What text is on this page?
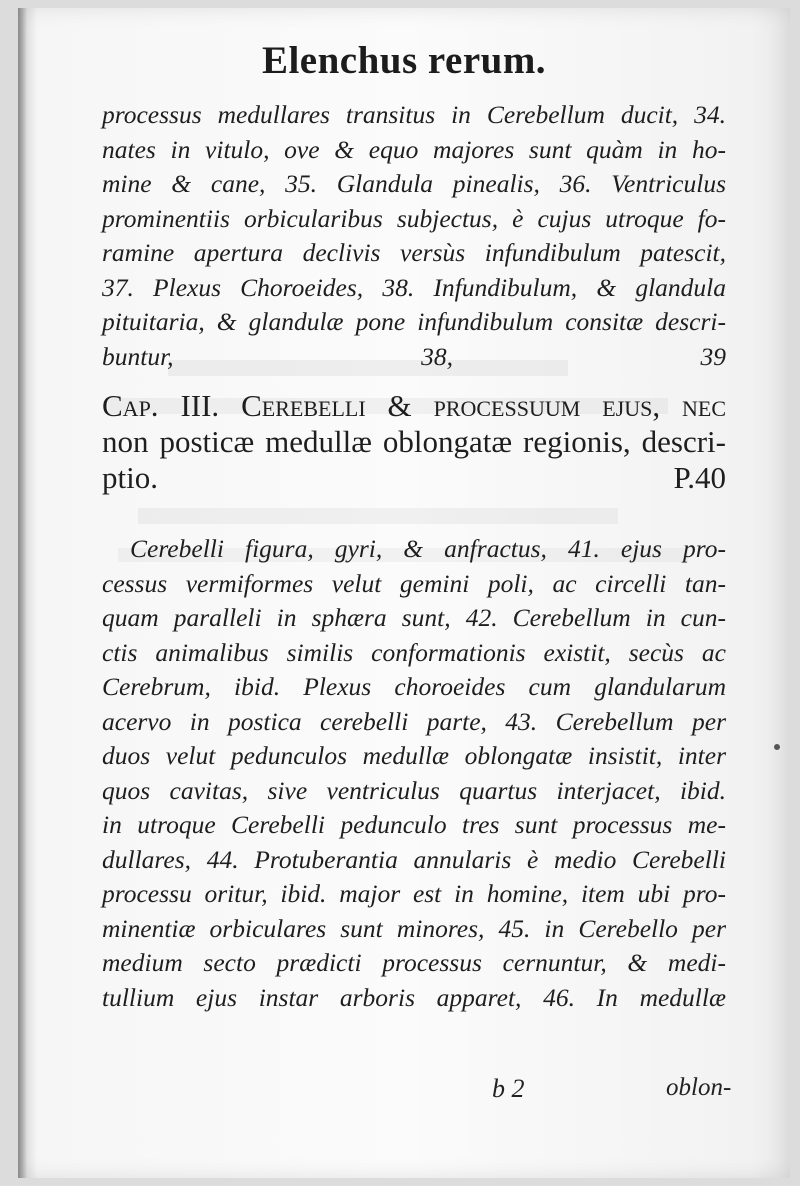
Elenchus rerum.
processus medullares transitus in Cerebellum ducit, 34.
nates in vitulo, ove & equo majores sunt quàm in ho-
mine & cane, 35. Glandula pinealis, 36. Ventriculus
prominentiis orbicularibus subjectus, è cujus utroque fo-
ramine apertura declivis versùs infundibulum patescit,
37. Plexus Choroeides, 38. Infundibulum, & glandula
pituitaria, & glandulæ pone infundibulum consitæ descri-
buntur, 38, 39
Cap. III. Cerebelli & processuum ejus, nec
non posticæ medullæ oblongatæ regionis, descri-
ptio. P.40
Cerebelli figura, gyri, & anfractus, 41. ejus pro-
cessus vermiformes velut gemini poli, ac circelli tan-
quam paralleli in sphæra sunt, 42. Cerebellum in cun-
ctis animalibus similis conformationis existit, secùs ac
Cerebrum, ibid. Plexus choroeides cum glandularum
acervo in postica cerebelli parte, 43. Cerebellum per
duos velut pedunculos medullæ oblongatæ insistit, inter
quos cavitas, sive ventriculus quartus interjacet, ibid.
in utroque Cerebelli pedunculo tres sunt processus me-
dullares, 44. Protuberantia annularis è medio Cerebelli
processu oritur, ibid. major est in homine, item ubi pro-
minentiæ orbiculares sunt minores, 45. in Cerebello per
medium secto prædicti processus cernuntur, & medi-
tullium ejus instar arboris apparet, 46. In medullæ
b 2	oblon-
